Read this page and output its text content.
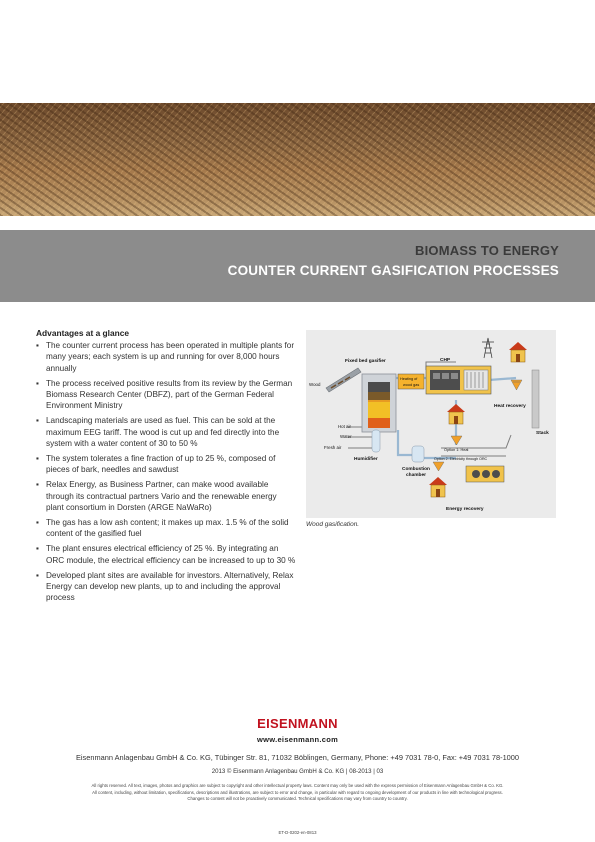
BIOMASS TO ENERGY
COUNTER CURRENT GASIFICATION PROCESSES
Advantages at a glance
▪ The counter current process has been operated in multiple plants for many years; each system is up and running for over 8,000 hours annually
▪ The process received positive results from its review by the German Biomass Research Center (DBFZ), part of the German Federal Environment Ministry
▪ Landscaping materials are used as fuel. This can be sold at the maximum EEG tariff. The wood is cut up and fed directly into the system with a water content of 30 to 50 %
▪ The system tolerates a fine fraction of up to 25 %, composed of pieces of bark, needles and sawdust
▪ Relax Energy, as Business Partner, can make wood available through its contractual partners Vario and the renewable energy plant consortium in Dorsten (ARGE NaWaRo)
▪ The gas has a low ash content; it makes up max. 1.5 % of the solid content of the gasified fuel
▪ The plant ensures electrical efficiency of 25 %. By integrating an ORC module, the electrical efficiency can be increased to up to 30 %
▪ Developed plant sites are available for investors. Alternatively, Relax Energy can develop new plants, up to and including the approval process
Fixed bed gasifier	CHP
Heat recovery
Stack
Humidifier
Combustion
chamber
Energy recovery
Wood
Heating of
wood gas
Hot air
Water
Fresh air	Option 1: Heat
Option 2: Electricity through ORC
Wood gasification.
EISENMANN
www.eisenmann.com
Eisenmann Anlagenbau GmbH & Co. KG, Tübinger Str. 81, 71032 Böblingen, Germany, Phone: +49 7031 78-0, Fax: +49 7031 78-1000
2013 © Eisenmann Anlagenbau GmbH & Co. KG | 08-2013 | 03
All rights reserved. All text, images, photos and graphics are subject to copyright and other intellectual property laws. Content may only be used with the express permission of Eisenmann Anlagenbau GmbH & Co. KG.
All content, including, without limitation, specifications, descriptions and illustrations, are subject to error and change, in particular with regard to ongoing development of our products in line with technological progress.
Changes to content will not be proactively communicated. Technical specifications may vary from country to country.
ET-D-0202-en-0813
